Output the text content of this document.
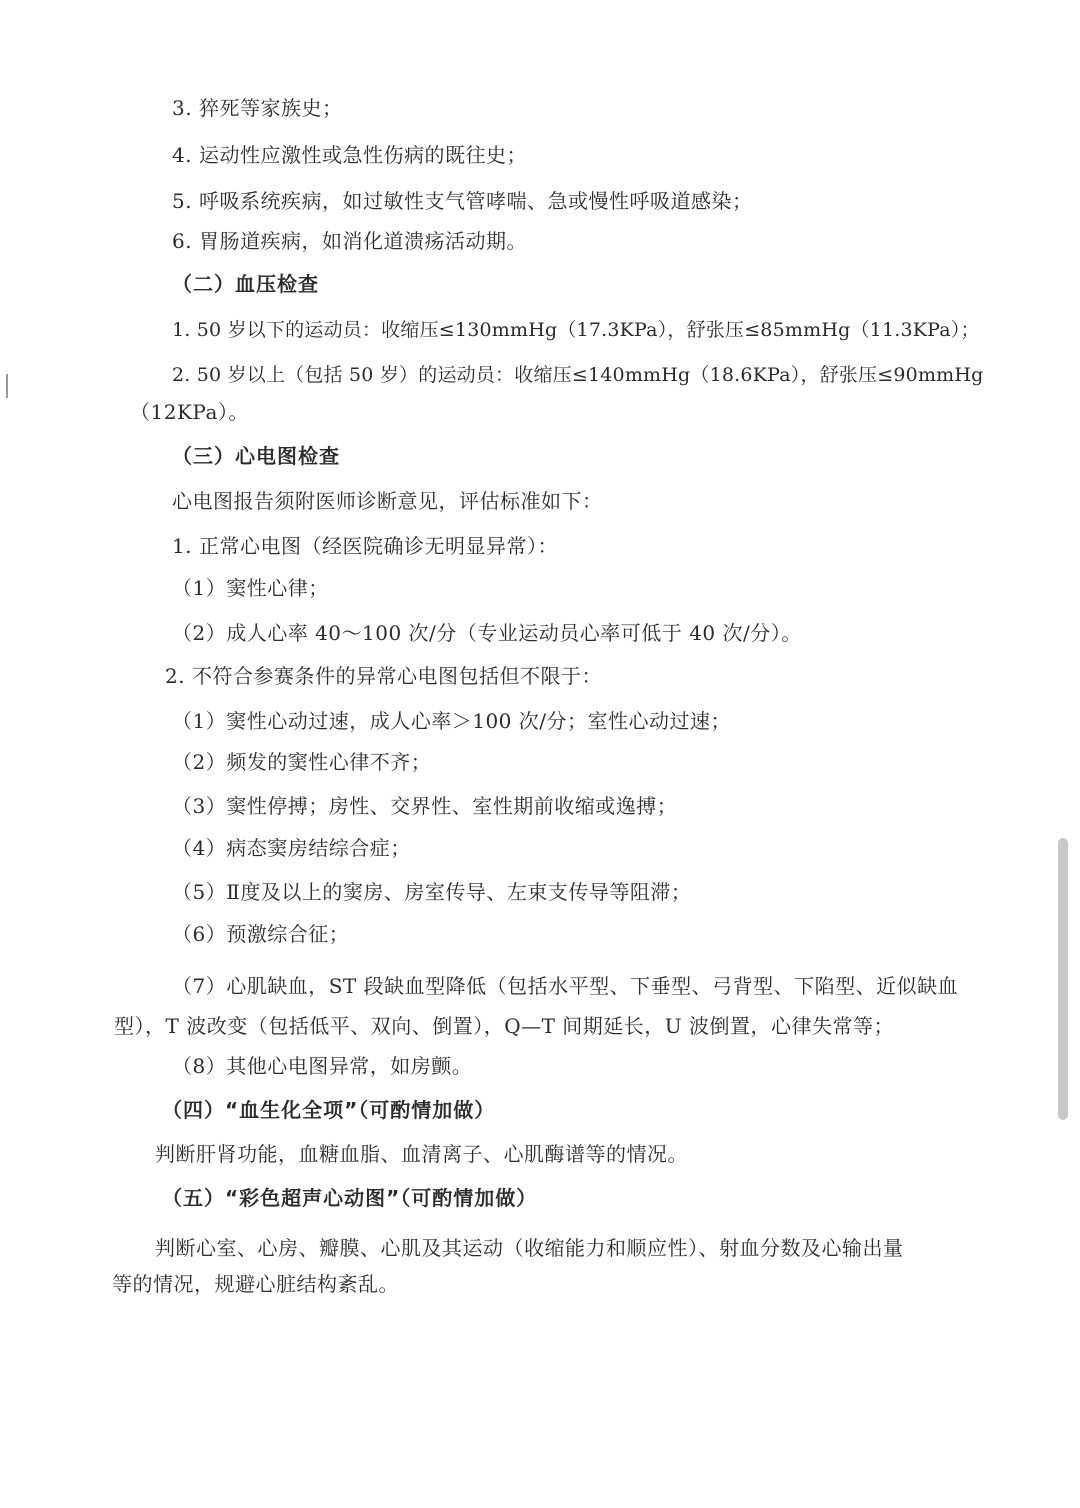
3. 猝死等家族史；
4. 运动性应激性或急性伤病的既往史；
5. 呼吸系统疾病，如过敏性支气管哮喘、急或慢性呼吸道感染；
6. 胃肠道疾病，如消化道溃疡活动期。
（二）血压检查
1. 50 岁以下的运动员：收缩压≤130mmHg（17.3KPa），舒张压≤85mmHg（11.3KPa）；
2. 50 岁以上（包括 50 岁）的运动员：收缩压≤140mmHg（18.6KPa），舒张压≤90mmHg
（12KPa）。
（三）心电图检查
心电图报告须附医师诊断意见，评估标准如下：
1. 正常心电图（经医院确诊无明显异常）：
（1）窦性心律；
（2）成人心率 40～100 次/分（专业运动员心率可低于 40 次/分）。
2. 不符合参赛条件的异常心电图包括但不限于：
（1）窦性心动过速，成人心率＞100 次/分；室性心动过速；
（2）频发的窦性心律不齐；
（3）窦性停搏；房性、交界性、室性期前收缩或逸搏；
（4）病态窦房结综合症；
（5）Ⅱ度及以上的窦房、房室传导、左束支传导等阻滞；
（6）预激综合征；
（7）心肌缺血，ST 段缺血型降低（包括水平型、下垂型、弓背型、下陷型、近似缺血
型），T 波改变（包括低平、双向、倒置），Q—T 间期延长，U 波倒置，心律失常等；
（8）其他心电图异常，如房颤。
（四）“血生化全项”（可酌情加做）
判断肝肾功能，血糖血脂、血清离子、心肌酶谱等的情况。
（五）“彩色超声心动图”（可酌情加做）
判断心室、心房、瓣膜、心肌及其运动（收缩能力和顺应性）、射血分数及心输出量
等的情况，规避心脏结构紊乱。
